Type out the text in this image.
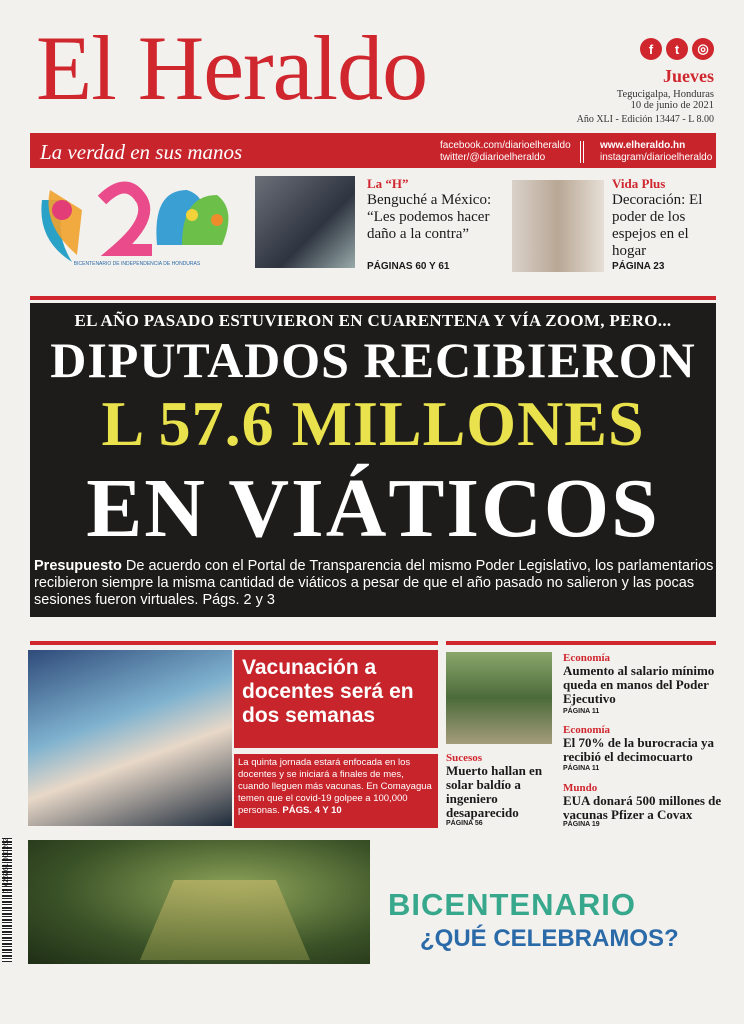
El Heraldo	f	t	◎
Jueves
Tegucigalpa, Honduras
10 de junio de 2021
Año XLI - Edición 13447 - L 8.00
La verdad en sus manos	facebook.com/diarioelheraldo
twitter/@diarioelheraldo
www.elheraldo.hn
instagram/diarioelheraldo
BICENTENARIO DE INDEPENDENCIA DE HONDURAS
La “H”
Benguché a México: “Les podemos hacer daño a la contra”
PÁGINAS 60 Y 61
Vida Plus
Decoración: El poder de los espejos en el hogar
PÁGINA 23
EL AÑO PASADO ESTUVIERON EN CUARENTENA Y VÍA ZOOM, PERO...
DIPUTADOS RECIBIERON
L 57.6 MILLONES
EN VIÁTICOS
Presupuesto De acuerdo con el Portal de Transparencia del mismo Poder Legislativo, los parlamentarios recibieron siempre la misma cantidad de viáticos a pesar de que el año pasado no salieron y las pocas sesiones fueron virtuales. Págs. 2 y 3
Vacunación a docentes será en dos semanas
La quinta jornada estará enfocada en los docentes y se iniciará a finales de mes, cuando lleguen más vacunas. En Comayagua temen que el covid-19 golpee a 100,000 personas. PÁGS. 4 Y 10
Sucesos
Muerto hallan en solar baldío a ingeniero desaparecido
PÁGINA 56
Economía
Aumento al salario mínimo queda en manos del Poder Ejecutivo
PÁGINA 11
Economía
El 70% de la burocracia ya recibió el decimocuarto
PÁGINA 11
Mundo
EUA donará 500 millones de vacunas Pfizer a Covax
PÁGINA 19
7 426261 000262
BICENTENARIO
¿QUÉ CELEBRAMOS?
